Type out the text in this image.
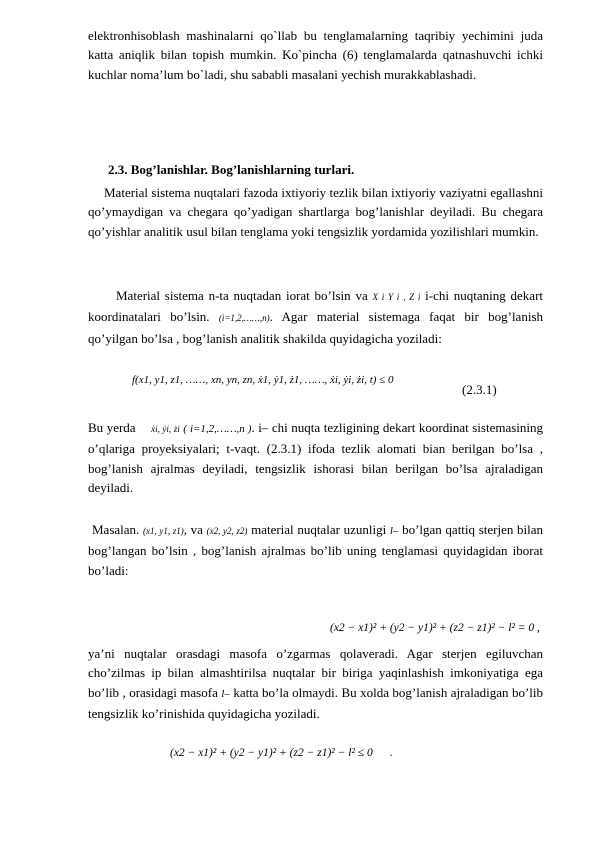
elektronhisoblash mashinalarni qo`llab bu tenglamalarning taqribiy yechimini juda katta aniqlik bilan topish mumkin. Ko`pincha (6) tenglamalarda qatnashuvchi ichki kuchlar nomaʼlum bo`ladi, shu sababli masalani yechish murakkablashadi.

2.3. Bog’lanishlar. Bog’lanishlarning turlari.

Material sistema nuqtalari fazoda ixtiyoriy tezlik bilan ixtiyoriy vaziyatni egallashni qo’ymaydigan va chegara qo’yadigan shartlarga bog’lanishlar deyiladi. Bu chegara qo’yishlar analitik usul bilan tenglama yoki tengsizlik yordamida yozilishlari mumkin.

Material sistema n-ta nuqtadan iorat bo’lsin va X i Y i , Z i i-chi nuqtaning dekart koordinatalari bo’lsin. (i=1,2,……,n). Agar material sistemaga faqat bir bog’lanish qo’yilgan bo’lsa , bog’lanish analitik shakilda quyidagicha yoziladi:

f(x1, y1, z1, ……, xn, yn, zn, ẋ1, ẏ1, ż1, ……, ẋi, ẏi, żi, t) ≤ 0
(2.3.1)

Bu yerda ẋi, ẏi, żi ( i=1,2,……,n ). i– chi nuqta tezligining dekart koordinat sistemasining o’qlariga proyeksiyalari; t-vaqt. (2.3.1) ifoda tezlik alomati bian berilgan bo’lsa , bog’lanish ajralmas deyiladi, tengsizlik ishorasi bilan berilgan bo’lsa ajraladigan deyiladi.

Masalan. (x1, y1, z1), va (x2, y2, z2) material nuqtalar uzunligi l– bo’lgan qattiq sterjen bilan bog’langan bo’lsin , bog’lanish ajralmas bo’lib uning tenglamasi quyidagidan iborat bo’ladi:

(x2 − x1)² + (y2 − y1)² + (z2 − z1)² − l² = 0 ,

ya’ni nuqtalar orasdagi masofa o’zgarmas qolaveradi. Agar sterjen egiluvchan cho’zilmas ip bilan almashtirilsa nuqtalar bir biriga yaqinlashish imkoniyatiga ega bo’lib , orasidagi masofa l– katta bo’la olmaydi. Bu xolda bog’lanish ajraladigan bo’lib tengsizlik ko’rinishida quyidagicha yoziladi.

(x2 − x1)² + (y2 − y1)² + (z2 − z1)² − l² ≤ 0 .
